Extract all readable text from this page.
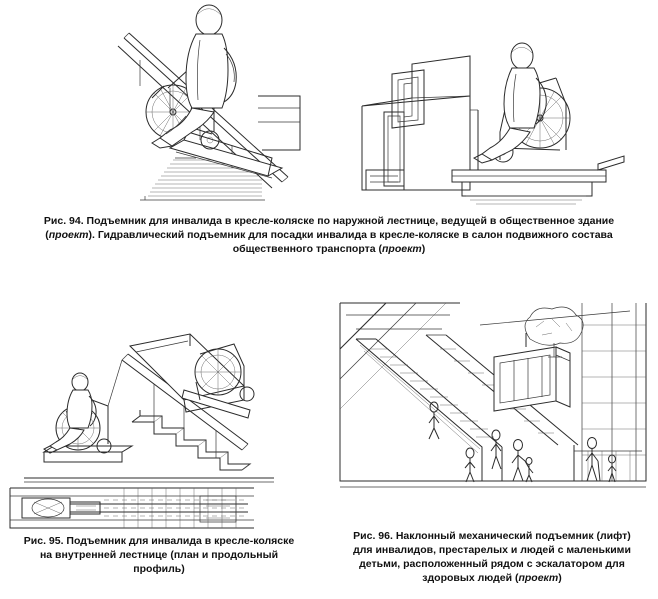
Рис. 94. Подъемник для инвалида в кресле-коляске по наружной лестнице, ведущей в общественное здание
(проект). Гидравлический подъемник для посадки инвалида в кресле-коляске в салон подвижного состава
общественного транспорта (проект)
Рис. 95. Подъемник для инвалида в кресле-коляске
на внутренней лестнице (план и продольный
профиль)
Рис. 96. Наклонный механический подъемник (лифт)
для инвалидов, престарелых и людей с маленькими
детьми, расположенный рядом с эскалатором для
здоровых людей (проект)
